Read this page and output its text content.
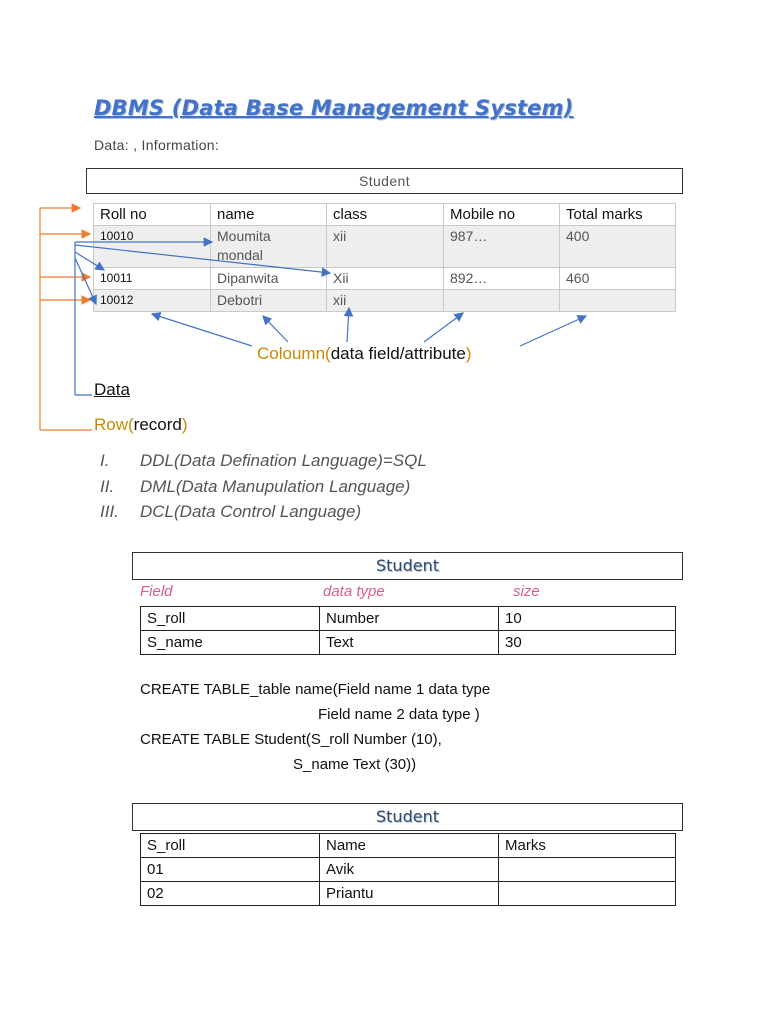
DBMS (Data Base Management System)
Data: , Information:
Student
Roll no	name	class	Mobile no	Total marks
10010	Moumita mondal	xii	987…	400
10011	Dipanwita	Xii	892…	460
10012	Debotri	xii		
Coloumn(data field/attribute)
Data
Row(record)
I. DDL(Data Defination Language)=SQL
II. DML(Data Manupulation Language)
III. DCL(Data Control Language)
Student
Field	data type	size
S_roll	Number	10
S_name	Text	30
CREATE TABLE_table name(Field name 1 data type
Field name 2 data type )
CREATE TABLE Student(S_roll Number (10),
S_name Text (30))
Student
S_roll	Name	Marks
01	Avik	
02	Priantu	
